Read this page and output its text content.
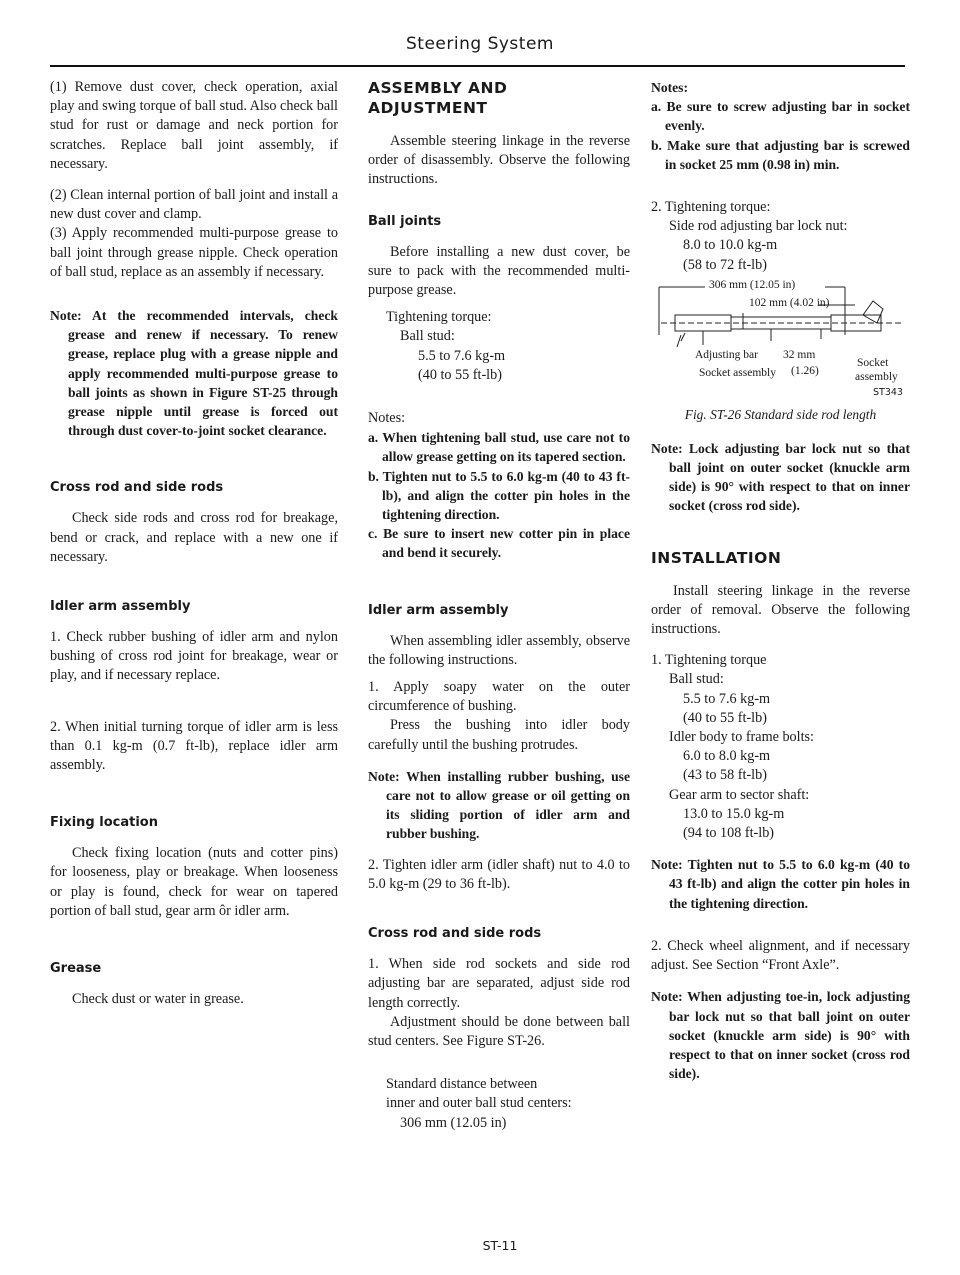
Steering System

(1) Remove dust cover, check operation, axial play and swing torque of ball stud. Also check ball stud for rust or damage and neck portion for scratches. Replace ball joint assembly, if necessary.

(2) Clean internal portion of ball joint and install a new dust cover and clamp.

(3) Apply recommended multi-purpose grease to ball joint through grease nipple. Check operation of ball stud, replace as an assembly if necessary.

Note: At the recommended intervals, check grease and renew if necessary. To renew grease, replace plug with a grease nipple and apply recommended multi-purpose grease to ball joints as shown in Figure ST-25 through grease nipple until grease is forced out through dust cover-to-joint socket clearance.

Cross rod and side rods

Check side rods and cross rod for breakage, bend or crack, and replace with a new one if necessary.

Idler arm assembly

1. Check rubber bushing of idler arm and nylon bushing of cross rod joint for breakage, wear or play, and if necessary replace.

2. When initial turning torque of idler arm is less than 0.1 kg-m (0.7 ft-lb), replace idler arm assembly.

Fixing location

Check fixing location (nuts and cotter pins) for looseness, play or breakage. When looseness or play is found, check for wear on tapered portion of ball stud, gear arm ôr idler arm.

Grease

Check dust or water in grease.

ASSEMBLY AND ADJUSTMENT

Assemble steering linkage in the reverse order of disassembly. Observe the following instructions.

Ball joints

Before installing a new dust cover, be sure to pack with the recommended multi-purpose grease.

Tightening torque:

Ball stud:

5.5 to 7.6 kg-m

(40 to 55 ft-lb)

Notes:

a. When tightening ball stud, use care not to allow grease getting on its tapered section.

b. Tighten nut to 5.5 to 6.0 kg-m (40 to 43 ft-lb), and align the cotter pin holes in the tightening direction.

c. Be sure to insert new cotter pin in place and bend it securely.

Idler arm assembly

When assembling idler assembly, observe the following instructions.

1. Apply soapy water on the outer circumference of bushing.

Press the bushing into idler body carefully until the bushing protrudes.

Note: When installing rubber bushing, use care not to allow grease or oil getting on its sliding portion of idler arm and rubber bushing.

2. Tighten idler arm (idler shaft) nut to 4.0 to 5.0 kg-m (29 to 36 ft-lb).

Cross rod and side rods

1. When side rod sockets and side rod adjusting bar are separated, adjust side rod length correctly.

Adjustment should be done between ball stud centers. See Figure ST-26.

Standard distance between

inner and outer ball stud centers:

306 mm (12.05 in)

Notes:

a. Be sure to screw adjusting bar in socket evenly.

b. Make sure that adjusting bar is screwed in socket 25 mm (0.98 in) min.

2. Tightening torque:

Side rod adjusting bar lock nut:

8.0 to 10.0 kg-m

(58 to 72 ft-lb)

306 mm (12.05 in)
102 mm (4.02 in)
Adjusting bar 32 mm
(1.26)
Socket assembly
Socket
assembly
ST343
Fig. ST-26 Standard side rod length

Note: Lock adjusting bar lock nut so that ball joint on outer socket (knuckle arm side) is 90° with respect to that on inner socket (cross rod side).

INSTALLATION

Install steering linkage in the reverse order of removal. Observe the following instructions.

1. Tightening torque

Ball stud:

5.5 to 7.6 kg-m

(40 to 55 ft-lb)

Idler body to frame bolts:

6.0 to 8.0 kg-m

(43 to 58 ft-lb)

Gear arm to sector shaft:

13.0 to 15.0 kg-m

(94 to 108 ft-lb)

Note: Tighten nut to 5.5 to 6.0 kg-m (40 to 43 ft-lb) and align the cotter pin holes in the tightening direction.

2. Check wheel alignment, and if necessary adjust. See Section “Front Axle”.

Note: When adjusting toe-in, lock adjusting bar lock nut so that ball joint on outer socket (knuckle arm side) is 90° with respect to that on inner socket (cross rod side).

ST-11
